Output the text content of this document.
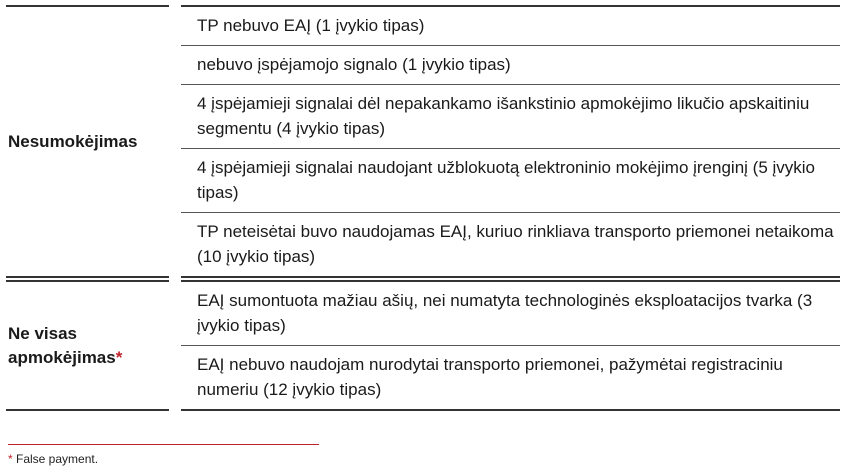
Nesumokėjimas
TP nebuvo EAĮ (1 įvykio tipas)
nebuvo įspėjamojo signalo (1 įvykio tipas)
4 įspėjamieji signalai dėl nepakankamo išankstinio apmokėjimo likučio apskaitiniu segmentu (4 įvykio tipas)
4 įspėjamieji signalai naudojant užblokuotą elektroninio mokėjimo įrenginį (5 įvykio tipas)
TP neteisėtai buvo naudojamas EAĮ, kuriuo rinkliava transporto priemonei netaikoma (10 įvykio tipas)
Ne visas apmokėjimas*
EAĮ sumontuota mažiau ašių, nei numatyta technologinės eksploatacijos tvarka (3 įvykio tipas)
EAĮ nebuvo naudojam nurodytai transporto priemonei, pažymėtai registraciniu numeriu (12 įvykio tipas)
* False payment.
